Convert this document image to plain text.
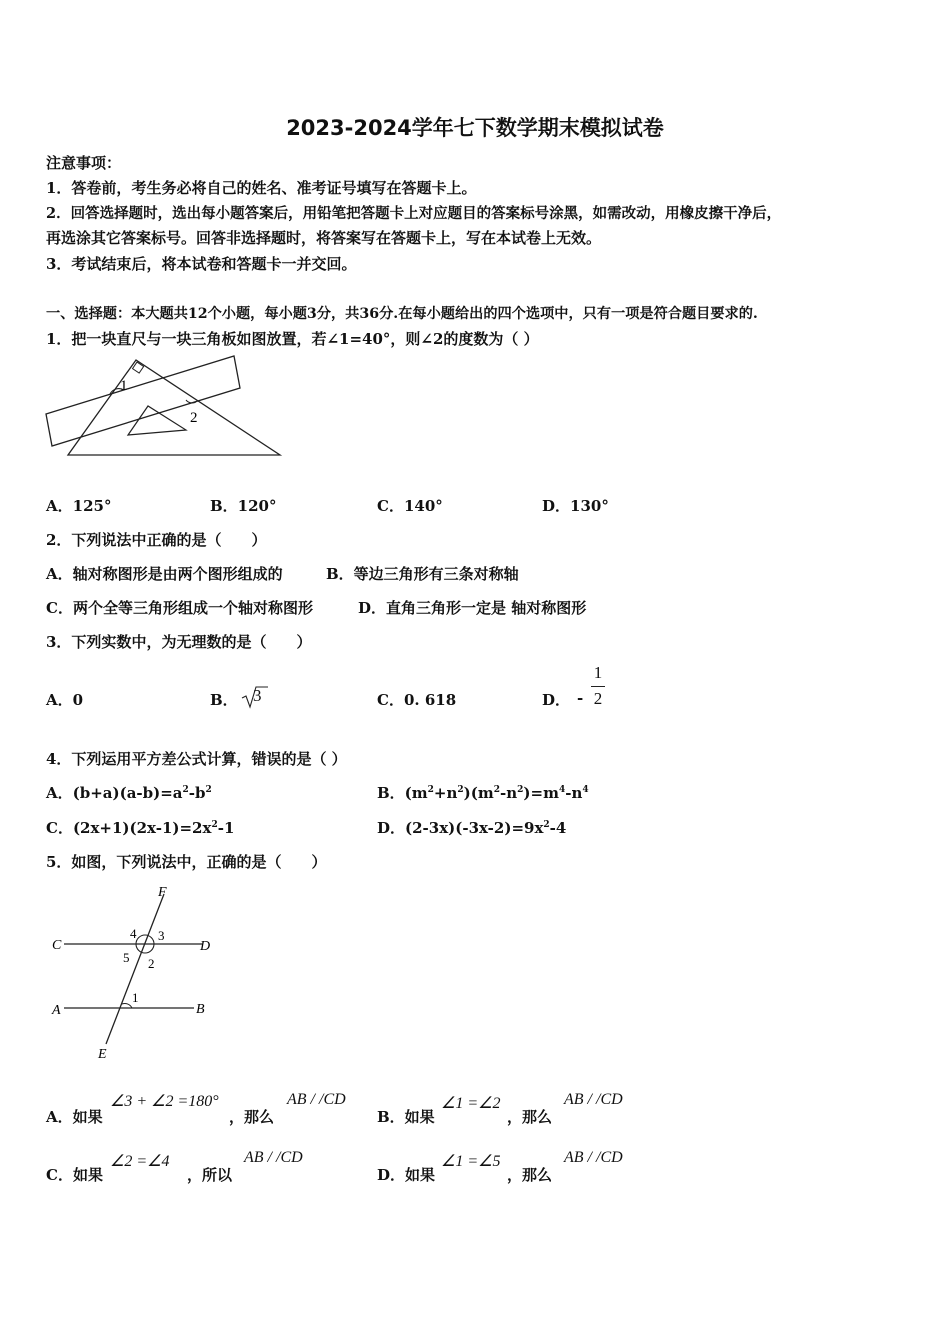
2023-2024学年七下数学期末模拟试卷
注意事项：
1．答卷前，考生务必将自己的姓名、准考证号填写在答题卡上。
2．回答选择题时，选出每小题答案后，用铅笔把答题卡上对应题目的答案标号涂黑，如需改动，用橡皮擦干净后，
再选涂其它答案标号。回答非选择题时，将答案写在答题卡上，写在本试卷上无效。
3．考试结束后，将本试卷和答题卡一并交回。
一、选择题：本大题共12个小题，每小题3分，共36分.在每小题给出的四个选项中，只有一项是符合题目要求的.
1．把一块直尺与一块三角板如图放置，若∠1=40°，则∠2的度数为（ ）
1
2
A．125°	B．120°	C．140°	D．130°
2．下列说法中正确的是（　　）
A．轴对称图形是由两个图形组成的	B．等边三角形有三条对称轴
C．两个全等三角形组成一个轴对称图形	D．直角三角形一定是 轴对称图形
3．下列实数中，为无理数的是（　　）
A．0	B． 3	C．0. 618	D． -
1
2
4．下列运用平方差公式计算，错误的是（ ）
A．$(b+a)(a-b)=a^2-b^2$	B．$(m^2+n^2)(m^2-n^2)=m^4-n^4$
C．$(2x+1)(2x-1)=2x^2-1$	D．$(2-3x)(-3x-2)=9x^2-4$
5．如图，下列说法中，正确的是（　　）
F
C	D
A	B
E
4 3
5 2
1
A．如果
∠3 + ∠2 =180°
，那么
AB / /CD
B．如果
∠1 =∠2
，那么
AB / /CD
C．如果
∠2 =∠4
，所以
AB / /CD
D．如果
∠1 =∠5
，那么
AB / /CD
